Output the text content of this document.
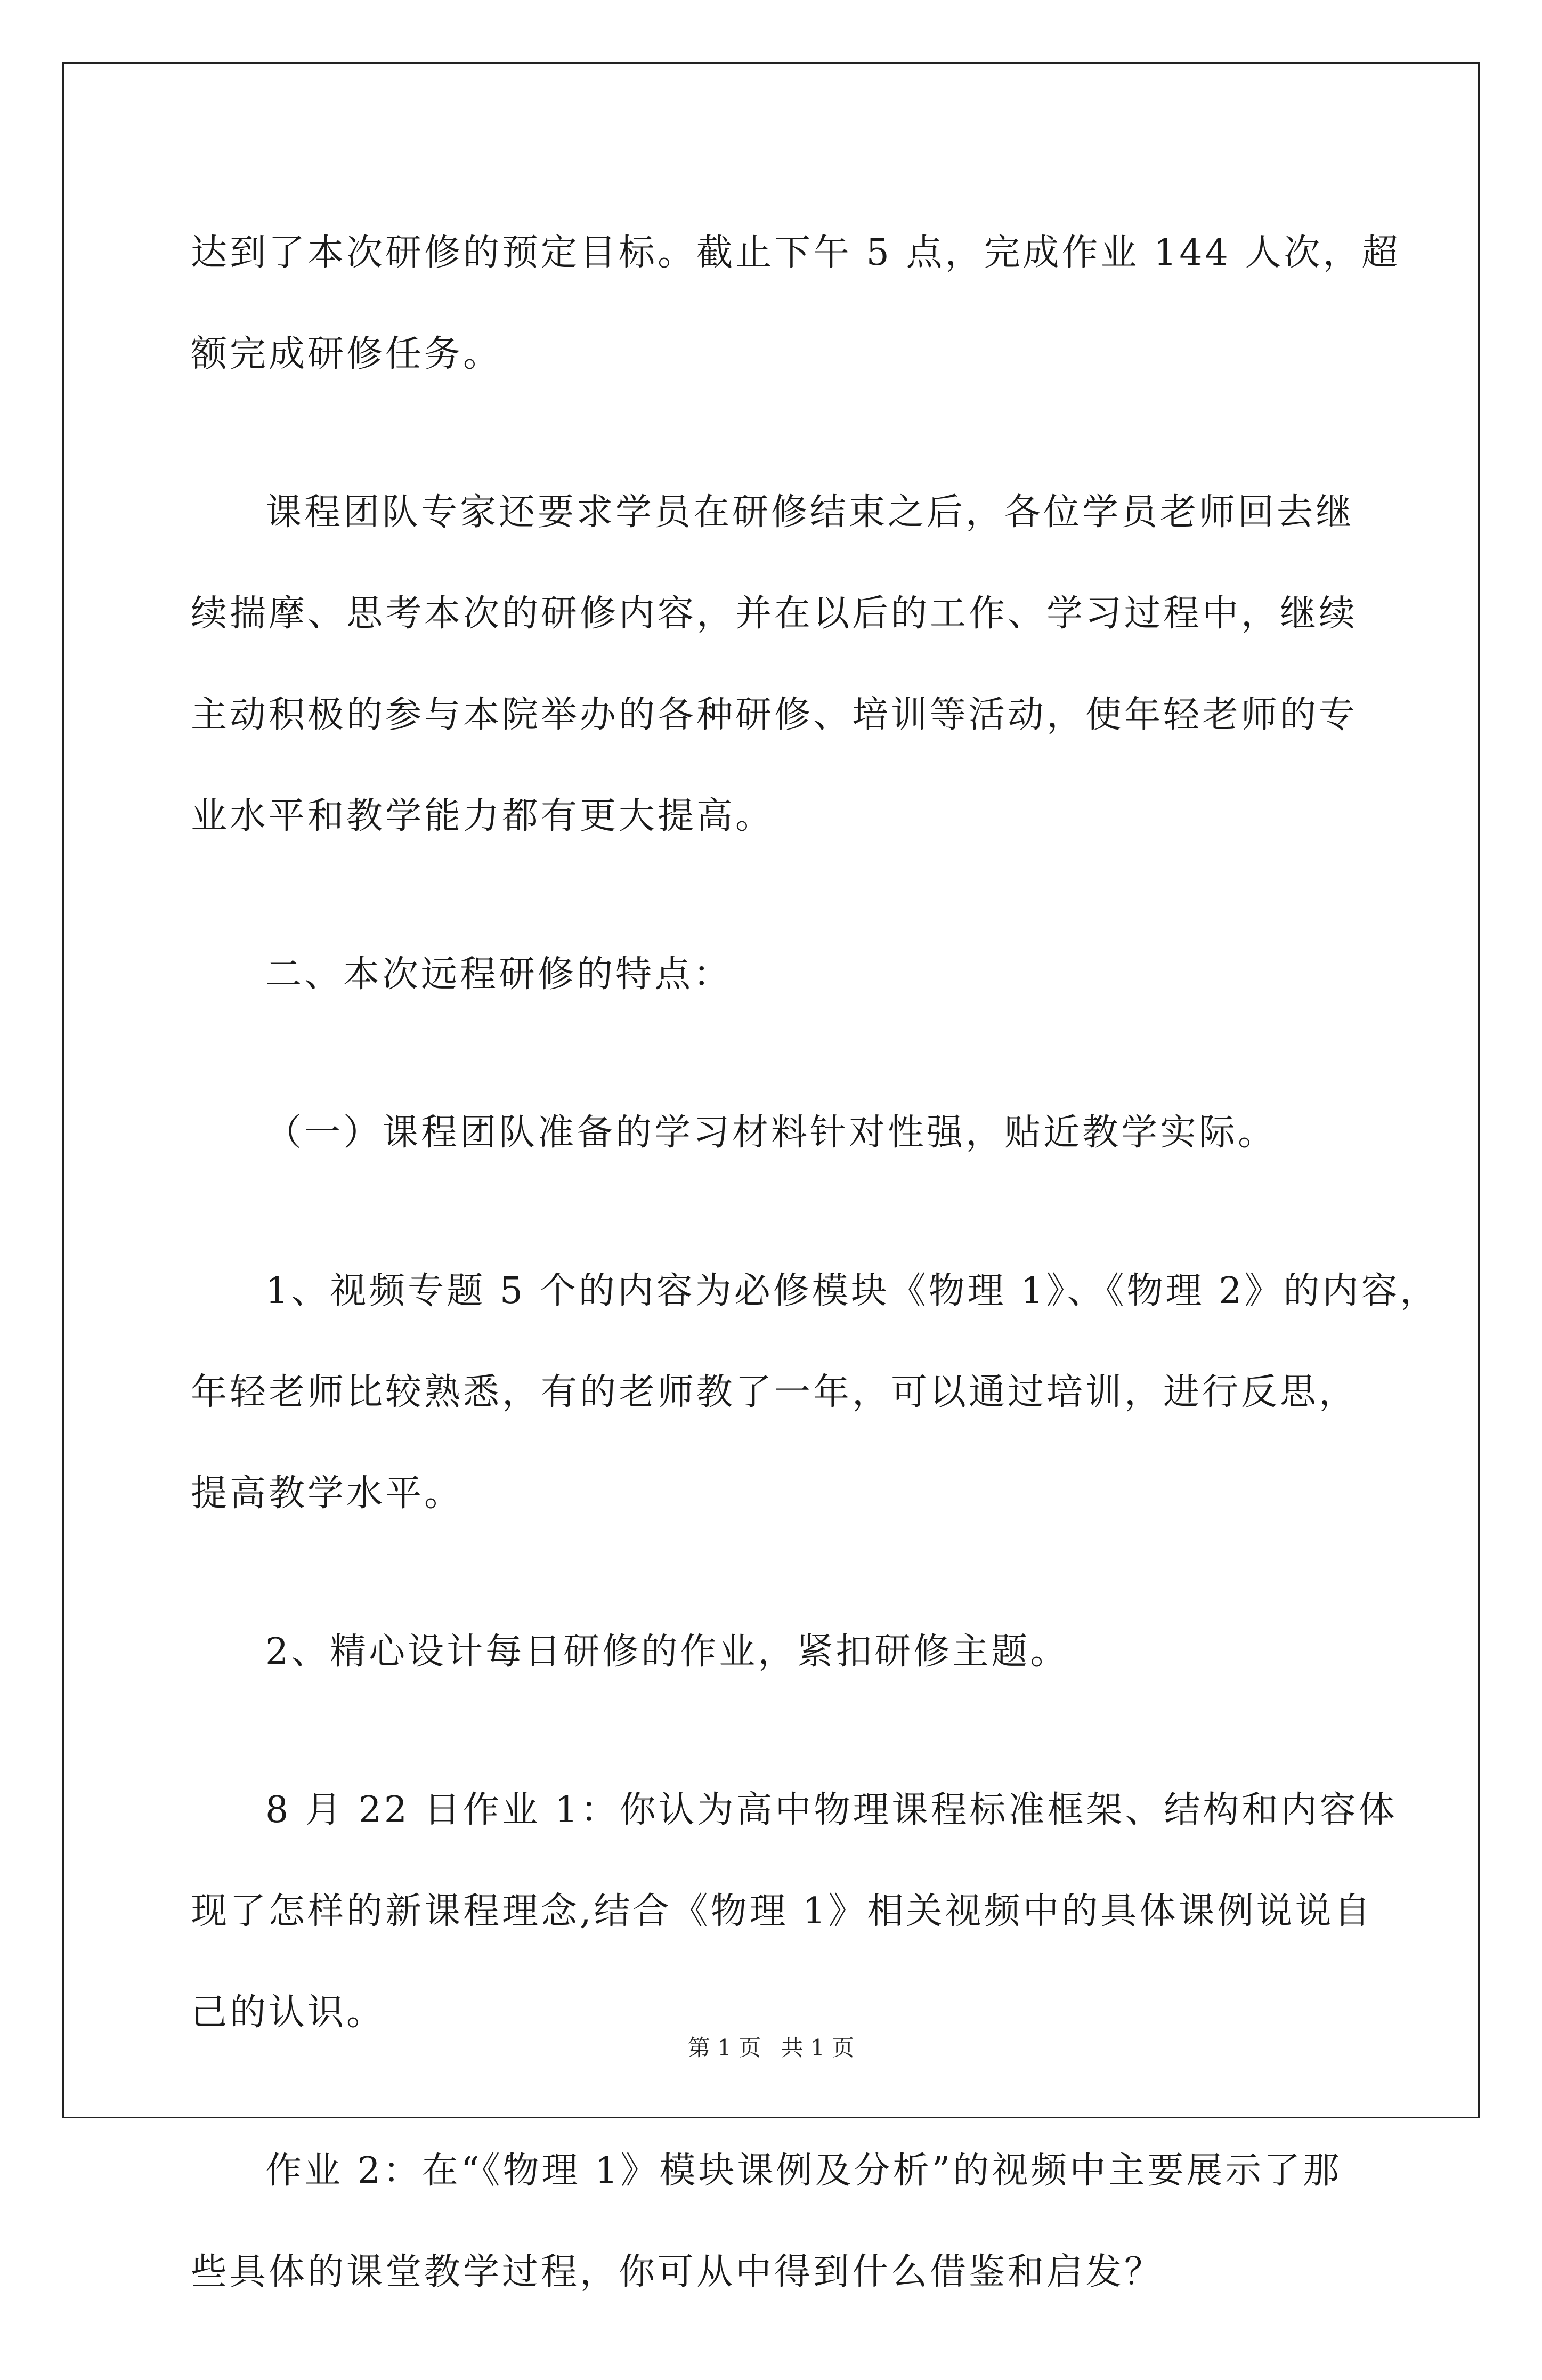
达到了本次研修的预定目标。截止下午 5 点，完成作业 144 人次，超
额完成研修任务。

课程团队专家还要求学员在研修结束之后，各位学员老师回去继
续揣摩、思考本次的研修内容，并在以后的工作、学习过程中，继续
主动积极的参与本院举办的各种研修、培训等活动，使年轻老师的专
业水平和教学能力都有更大提高。

二、本次远程研修的特点：

（一）课程团队准备的学习材料针对性强，贴近教学实际。

1、视频专题 5 个的内容为必修模块《物理 1》、《物理 2》的内容，
年轻老师比较熟悉，有的老师教了一年，可以通过培训，进行反思，
提高教学水平。

2、精心设计每日研修的作业，紧扣研修主题。

8 月 22 日作业 1：你认为高中物理课程标准框架、结构和内容体
现了怎样的新课程理念,结合《物理 1》相关视频中的具体课例说说自
己的认识。

作业 2：在“《物理 1》模块课例及分析”的视频中主要展示了那
些具体的课堂教学过程，你可从中得到什么借鉴和启发？

第 1 页 共 1 页
